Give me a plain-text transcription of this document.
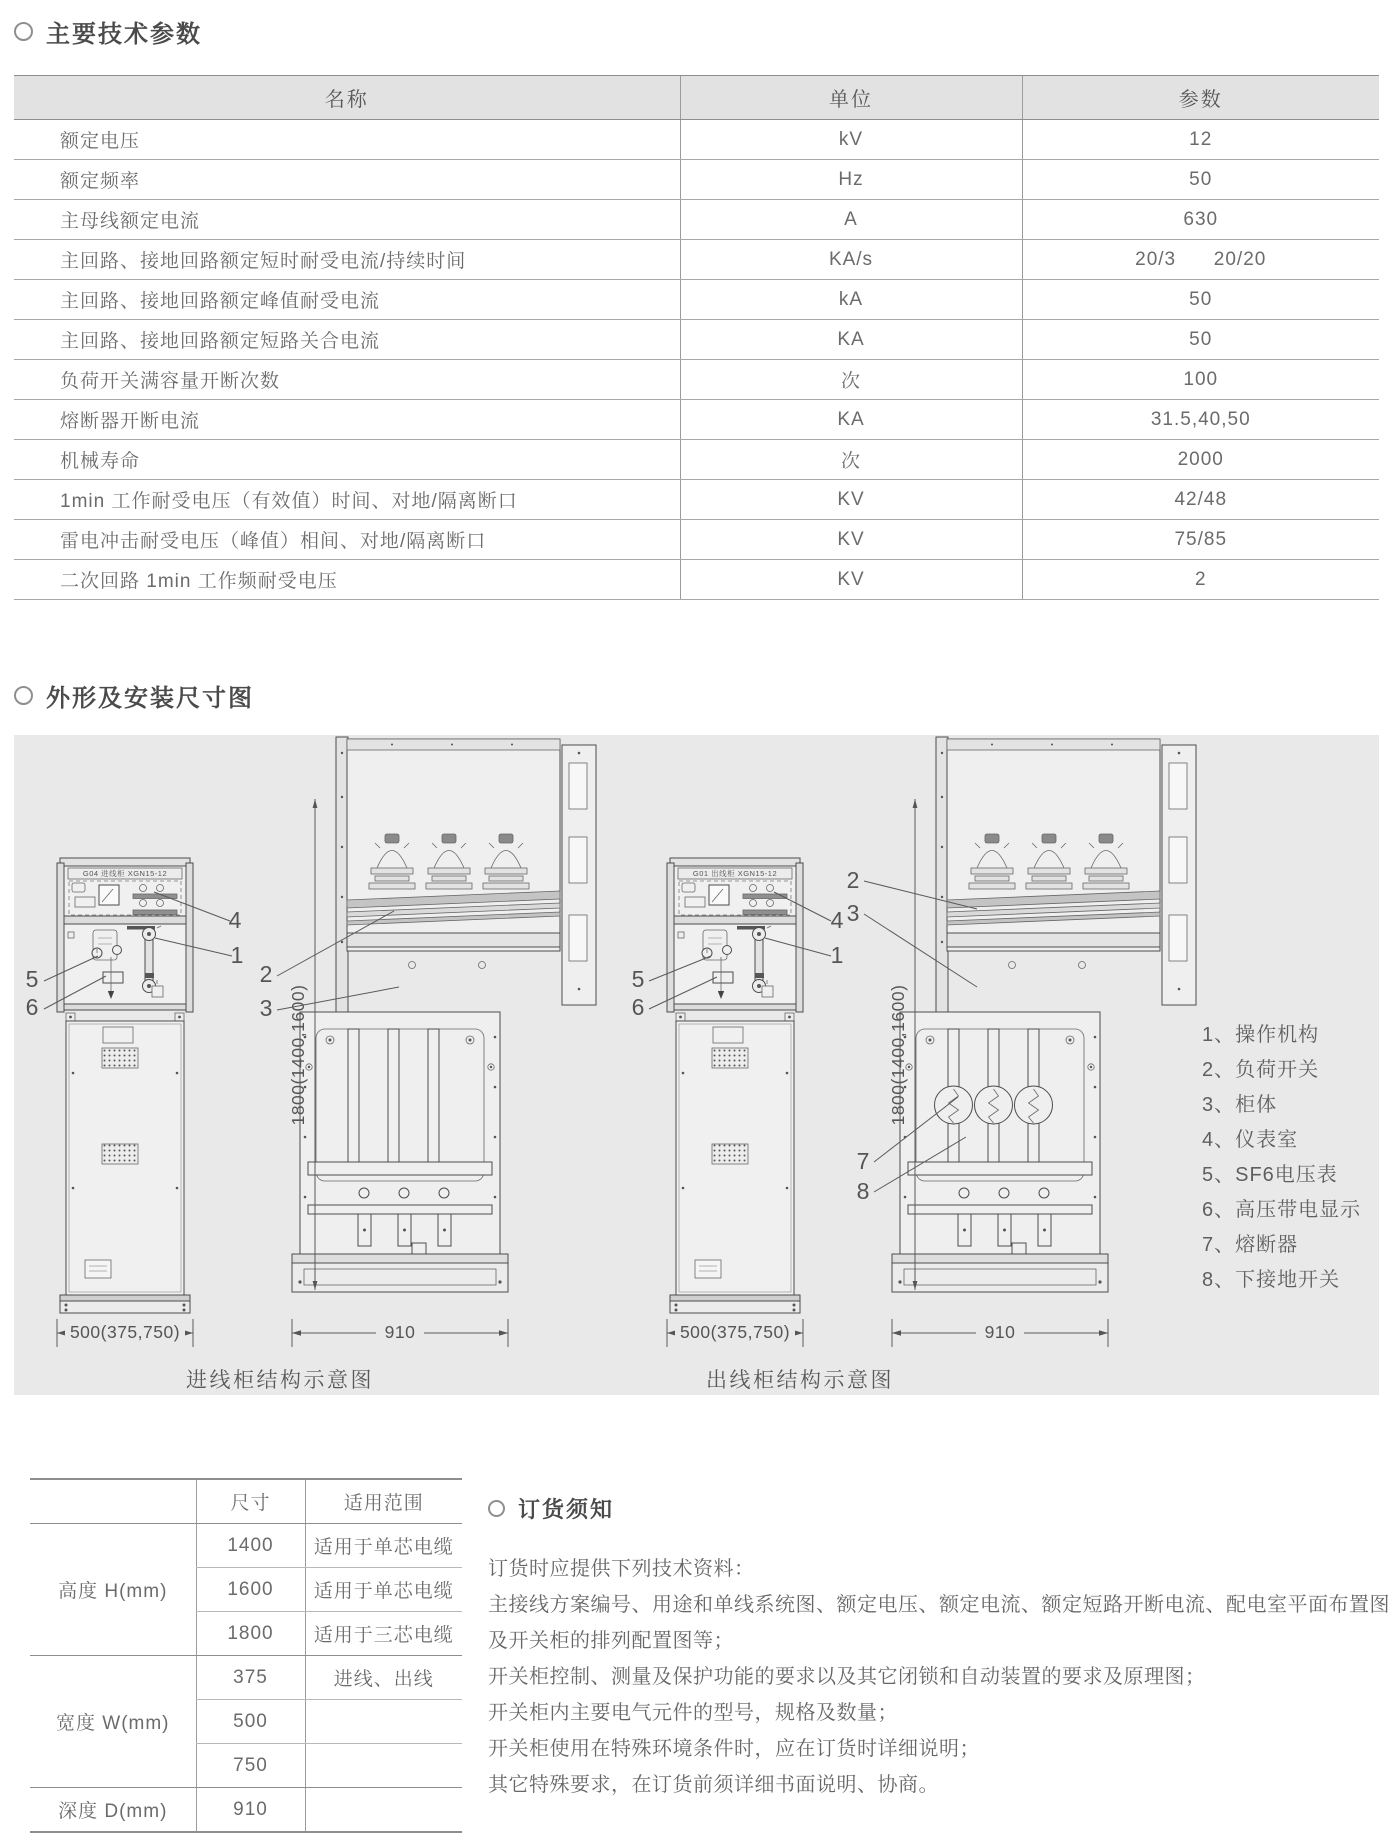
主要技术参数
名称	单位	参数
额定电压	kV	12
额定频率	Hz	50
主母线额定电流	A	630
主回路、接地回路额定短时耐受电流/持续时间	KA/s	20/3      20/20
主回路、接地回路额定峰值耐受电流	kA	50
主回路、接地回路额定短路关合电流	KA	50
负荷开关满容量开断次数	次	100
熔断器开断电流	KA	31.5,40,50
机械寿命	次	2000
1min 工作耐受电压（有效值）时间、对地/隔离断口	KV	42/48
雷电冲击耐受电压（峰值）相间、对地/隔离断口	KV	75/85
二次回路 1min 工作频耐受电压	KV	2
外形及安装尺寸图
G04 进线柜 XGN15-12
1800(1400,1600)
500(375,750)	910
4
1
2
3
5
6
进线柜结构示意图
G01 出线柜 XGN15-12
1800(1400,1600)
500(375,750)	910
2
3
4
1
5
6
7
8
出线柜结构示意图
1、操作机构
2、负荷开关
3、柜体
4、仪表室
5、SF6电压表
6、高压带电显示
7、熔断器
8、下接地开关
	尺寸	适用范围
高度 H(mm)	1400	适用于单芯电缆
	1600	适用于单芯电缆
	1800	适用于三芯电缆
宽度 W(mm)	375	进线、出线
	500	
	750	
深度 D(mm)	910	
订货须知

订货时应提供下列技术资料：

主接线方案编号、用途和单线系统图、额定电压、额定电流、额定短路开断电流、配电室平面布置图及开关柜的排列配置图等；

开关柜控制、测量及保护功能的要求以及其它闭锁和自动装置的要求及原理图；

开关柜内主要电气元件的型号，规格及数量；

开关柜使用在特殊环境条件时，应在订货时详细说明；

其它特殊要求，在订货前须详细书面说明、协商。
